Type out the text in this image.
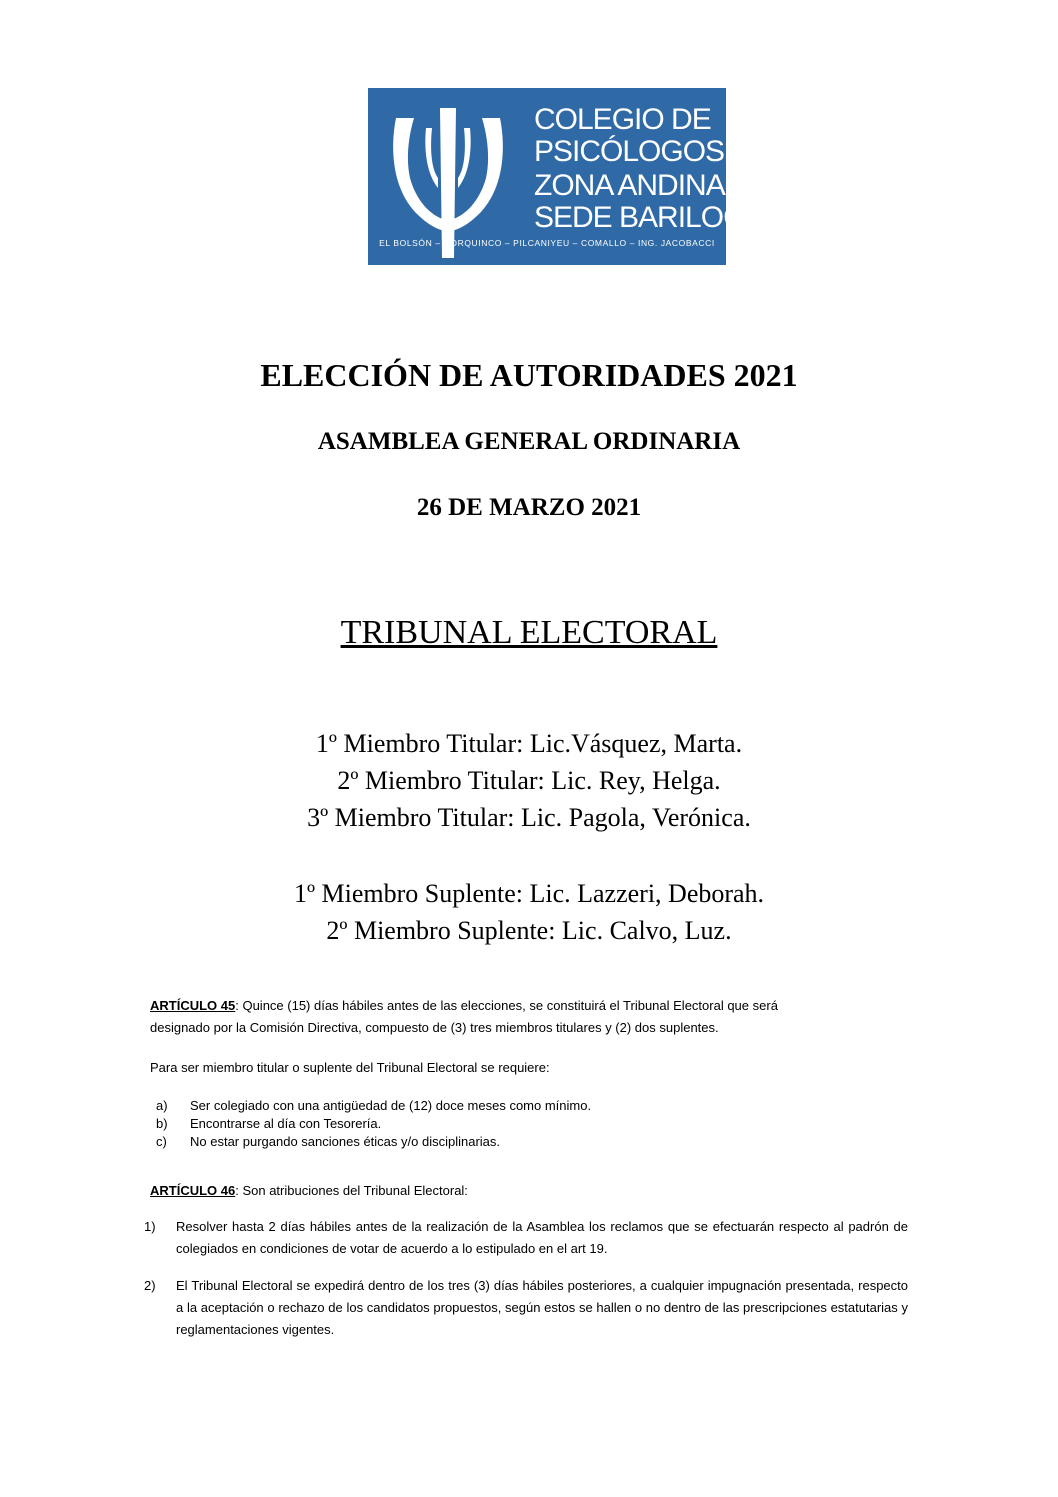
COLEGIO DE
PSICÓLOGOS
ZONA ANDINA
SEDE BARILOCHE
EL BOLSÓN – ÑORQUINCO – PILCANIYEU – COMALLO – ING. JACOBACCI
ELECCIÓN DE AUTORIDADES 2021
ASAMBLEA GENERAL ORDINARIA
26 DE MARZO 2021
TRIBUNAL ELECTORAL
1º Miembro Titular: Lic.Vásquez, Marta.
2º Miembro Titular: Lic. Rey, Helga.
3º Miembro Titular: Lic. Pagola, Verónica.
1º Miembro Suplente: Lic. Lazzeri, Deborah.
2º Miembro Suplente: Lic. Calvo, Luz.
ARTÍCULO 45: Quince (15) días hábiles antes de las elecciones, se constituirá el Tribunal Electoral que será
designado por la Comisión Directiva, compuesto de (3) tres miembros titulares y (2) dos suplentes.
Para ser miembro titular o suplente del Tribunal Electoral se requiere:
a) Ser colegiado con una antigüedad de (12) doce meses como mínimo.
b) Encontrarse al día con Tesorería.
c) No estar purgando sanciones éticas y/o disciplinarias.
ARTÍCULO 46: Son atribuciones del Tribunal Electoral:
1) Resolver hasta 2 días hábiles antes de la realización de la Asamblea los reclamos que se efectuarán respecto al padrón de colegiados en condiciones de votar de acuerdo a lo estipulado en el art 19.
2) El Tribunal Electoral se expedirá dentro de los tres (3) días hábiles posteriores, a cualquier impugnación presentada, respecto a la aceptación o rechazo de los candidatos propuestos, según estos se hallen o no dentro de las prescripciones estatutarias y reglamentaciones vigentes.
